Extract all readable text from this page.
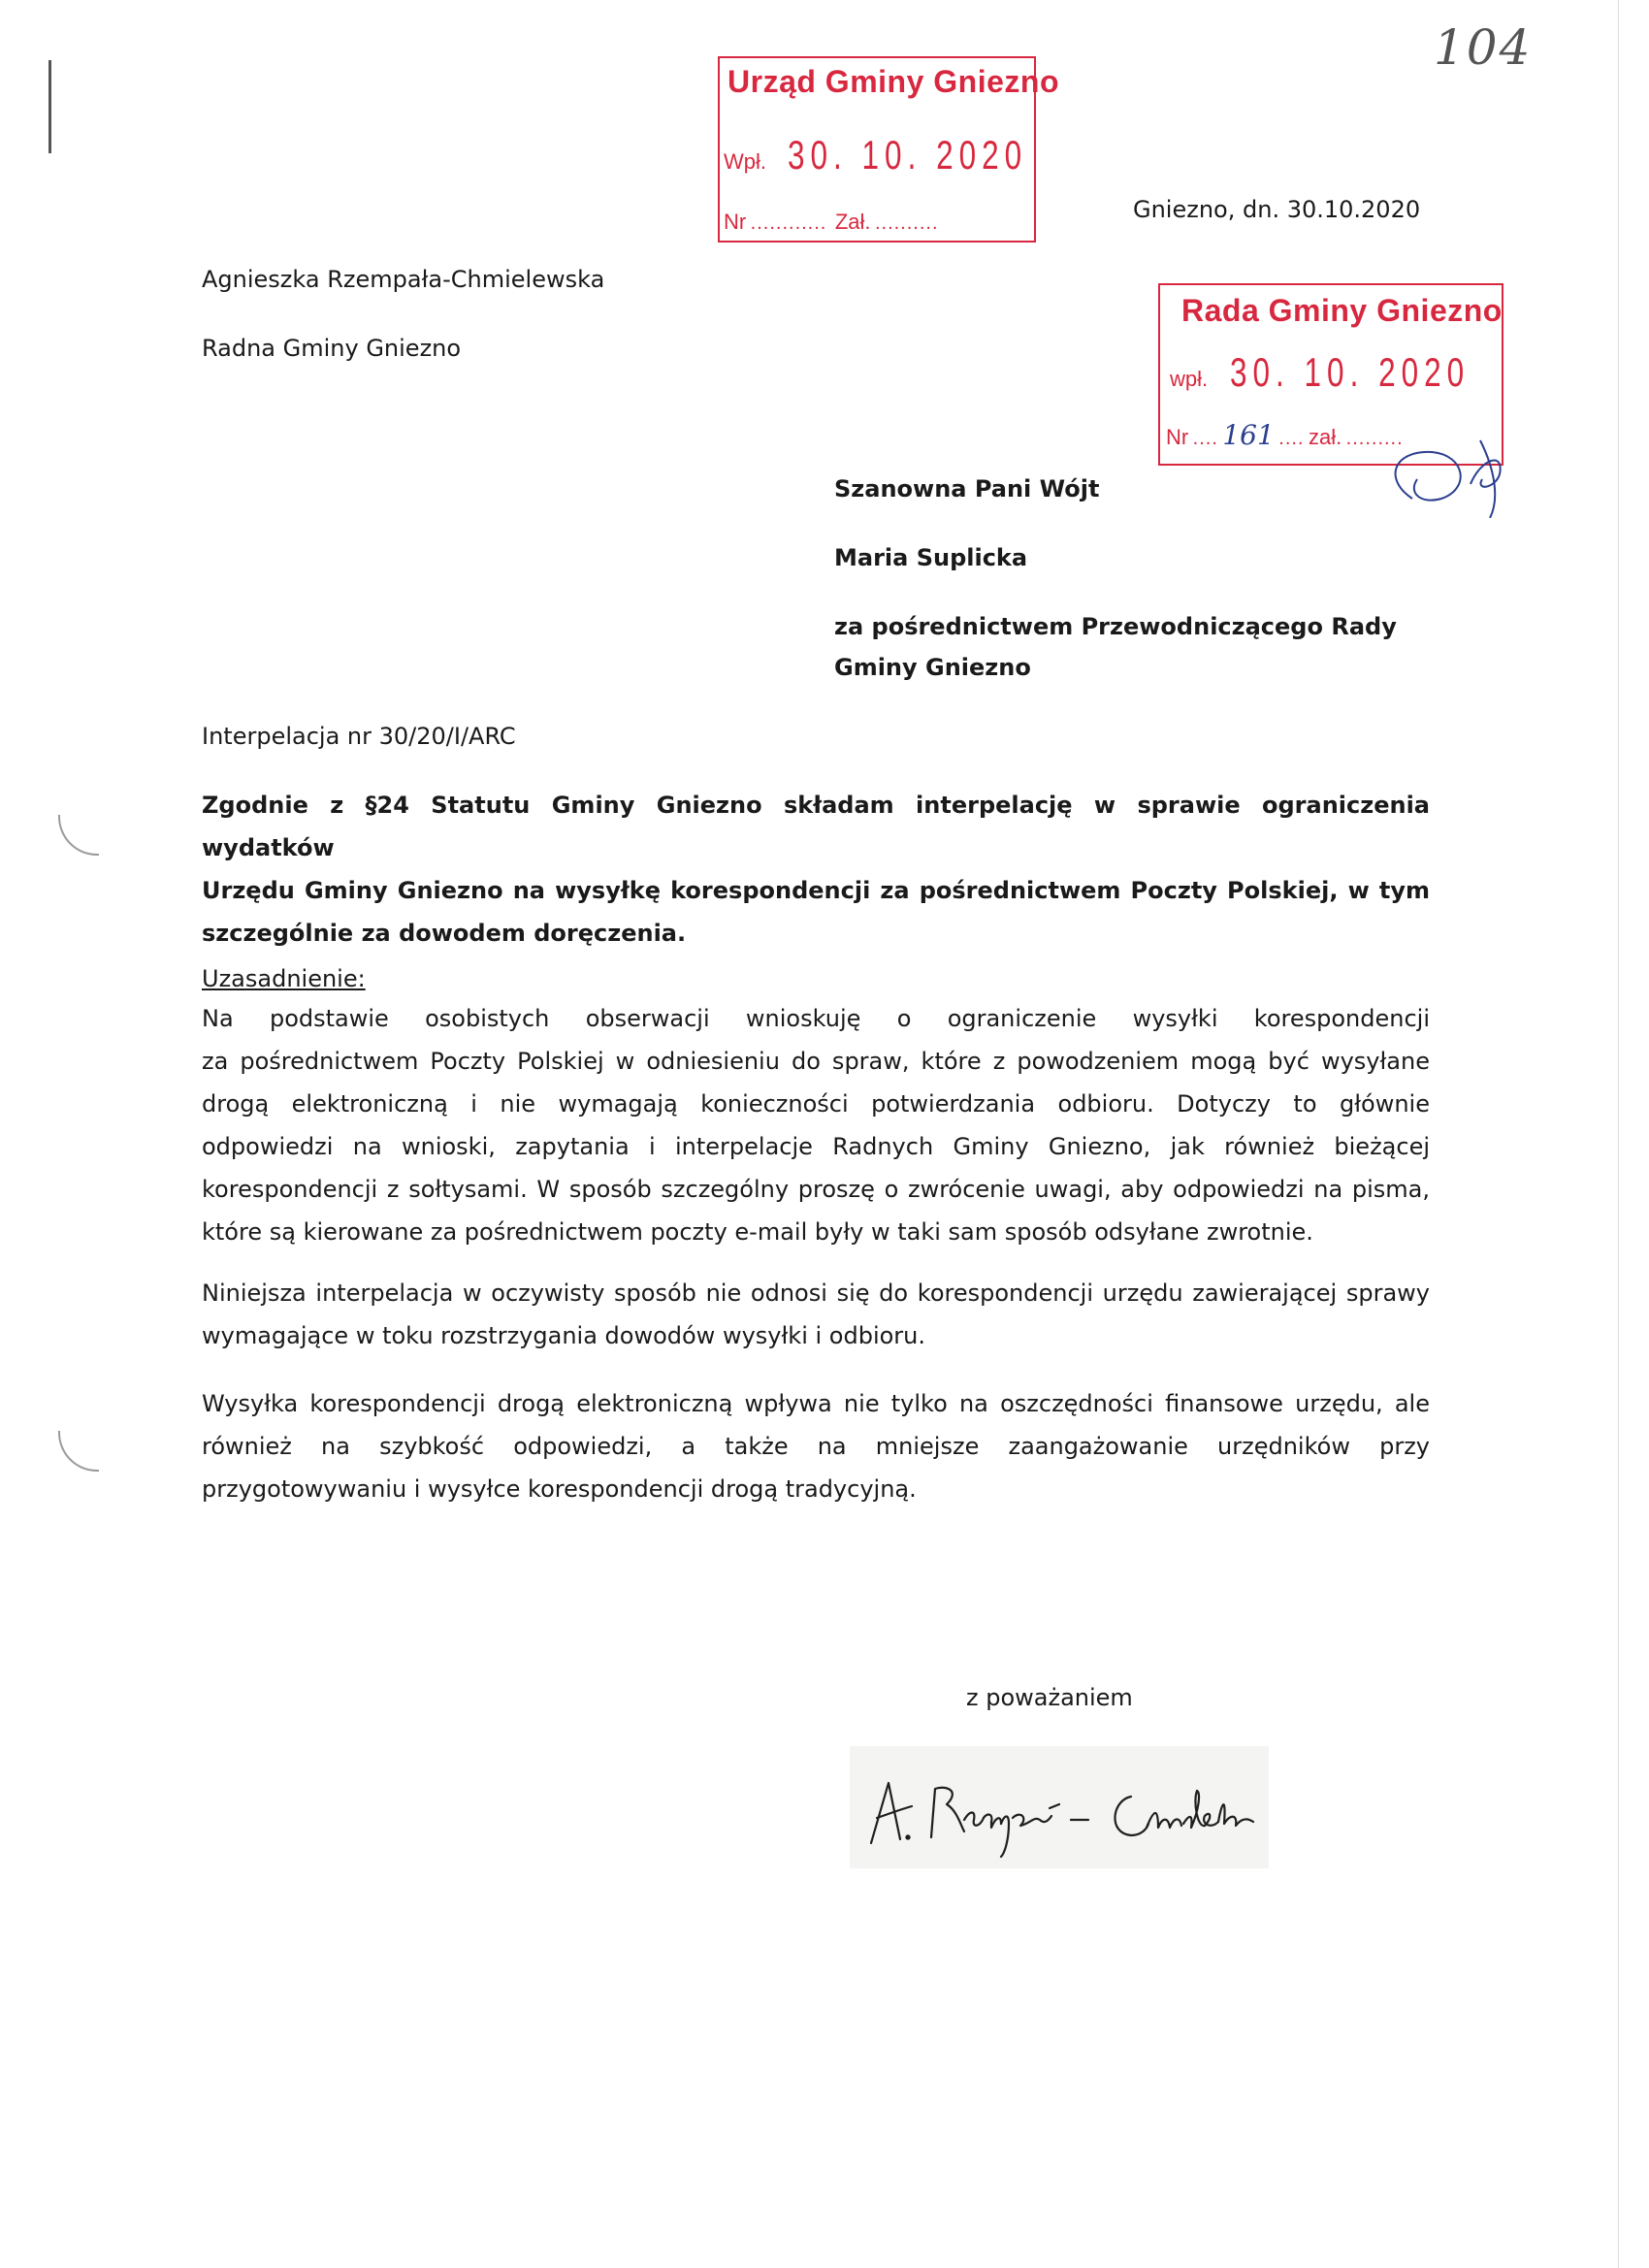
104
Urząd Gminy Gniezno
Wpł. 30. 10. 2020
Nr ............ Zał. ..........	Gniezno, dn. 30.10.2020
Rada Gminy Gniezno
wpł. 30. 10. 2020
Nr .... 161 .... zał. .........
Agnieszka Rzempała-Chmielewska
Radna Gminy Gniezno
Szanowna Pani Wójt
Maria Suplicka
za pośrednictwem Przewodniczącego Rady
Gminy Gniezno
Interpelacja nr 30/20/I/ARC
Zgodnie z §24 Statutu Gminy Gniezno składam interpelację w sprawie ograniczenia wydatków
Urzędu Gminy Gniezno na wysyłkę korespondencji za pośrednictwem Poczty Polskiej, w tym
szczególnie za dowodem doręczenia.
Uzasadnienie:
Na podstawie osobistych obserwacji wnioskuję o ograniczenie wysyłki korespondencji
za pośrednictwem Poczty Polskiej w odniesieniu do spraw, które z powodzeniem mogą być wysyłane
drogą elektroniczną i nie wymagają konieczności potwierdzania odbioru. Dotyczy to głównie
odpowiedzi na wnioski, zapytania i interpelacje Radnych Gminy Gniezno, jak również bieżącej
korespondencji z sołtysami. W sposób szczególny proszę o zwrócenie uwagi, aby odpowiedzi na pisma,
które są kierowane za pośrednictwem poczty e-mail były w taki sam sposób odsyłane zwrotnie.
Niniejsza interpelacja w oczywisty sposób nie odnosi się do korespondencji urzędu zawierającej sprawy
wymagające w toku rozstrzygania dowodów wysyłki i odbioru.
Wysyłka korespondencji drogą elektroniczną wpływa nie tylko na oszczędności finansowe urzędu, ale
również na szybkość odpowiedzi, a także na mniejsze zaangażowanie urzędników przy
przygotowywaniu i wysyłce korespondencji drogą tradycyjną.
z poważaniem
